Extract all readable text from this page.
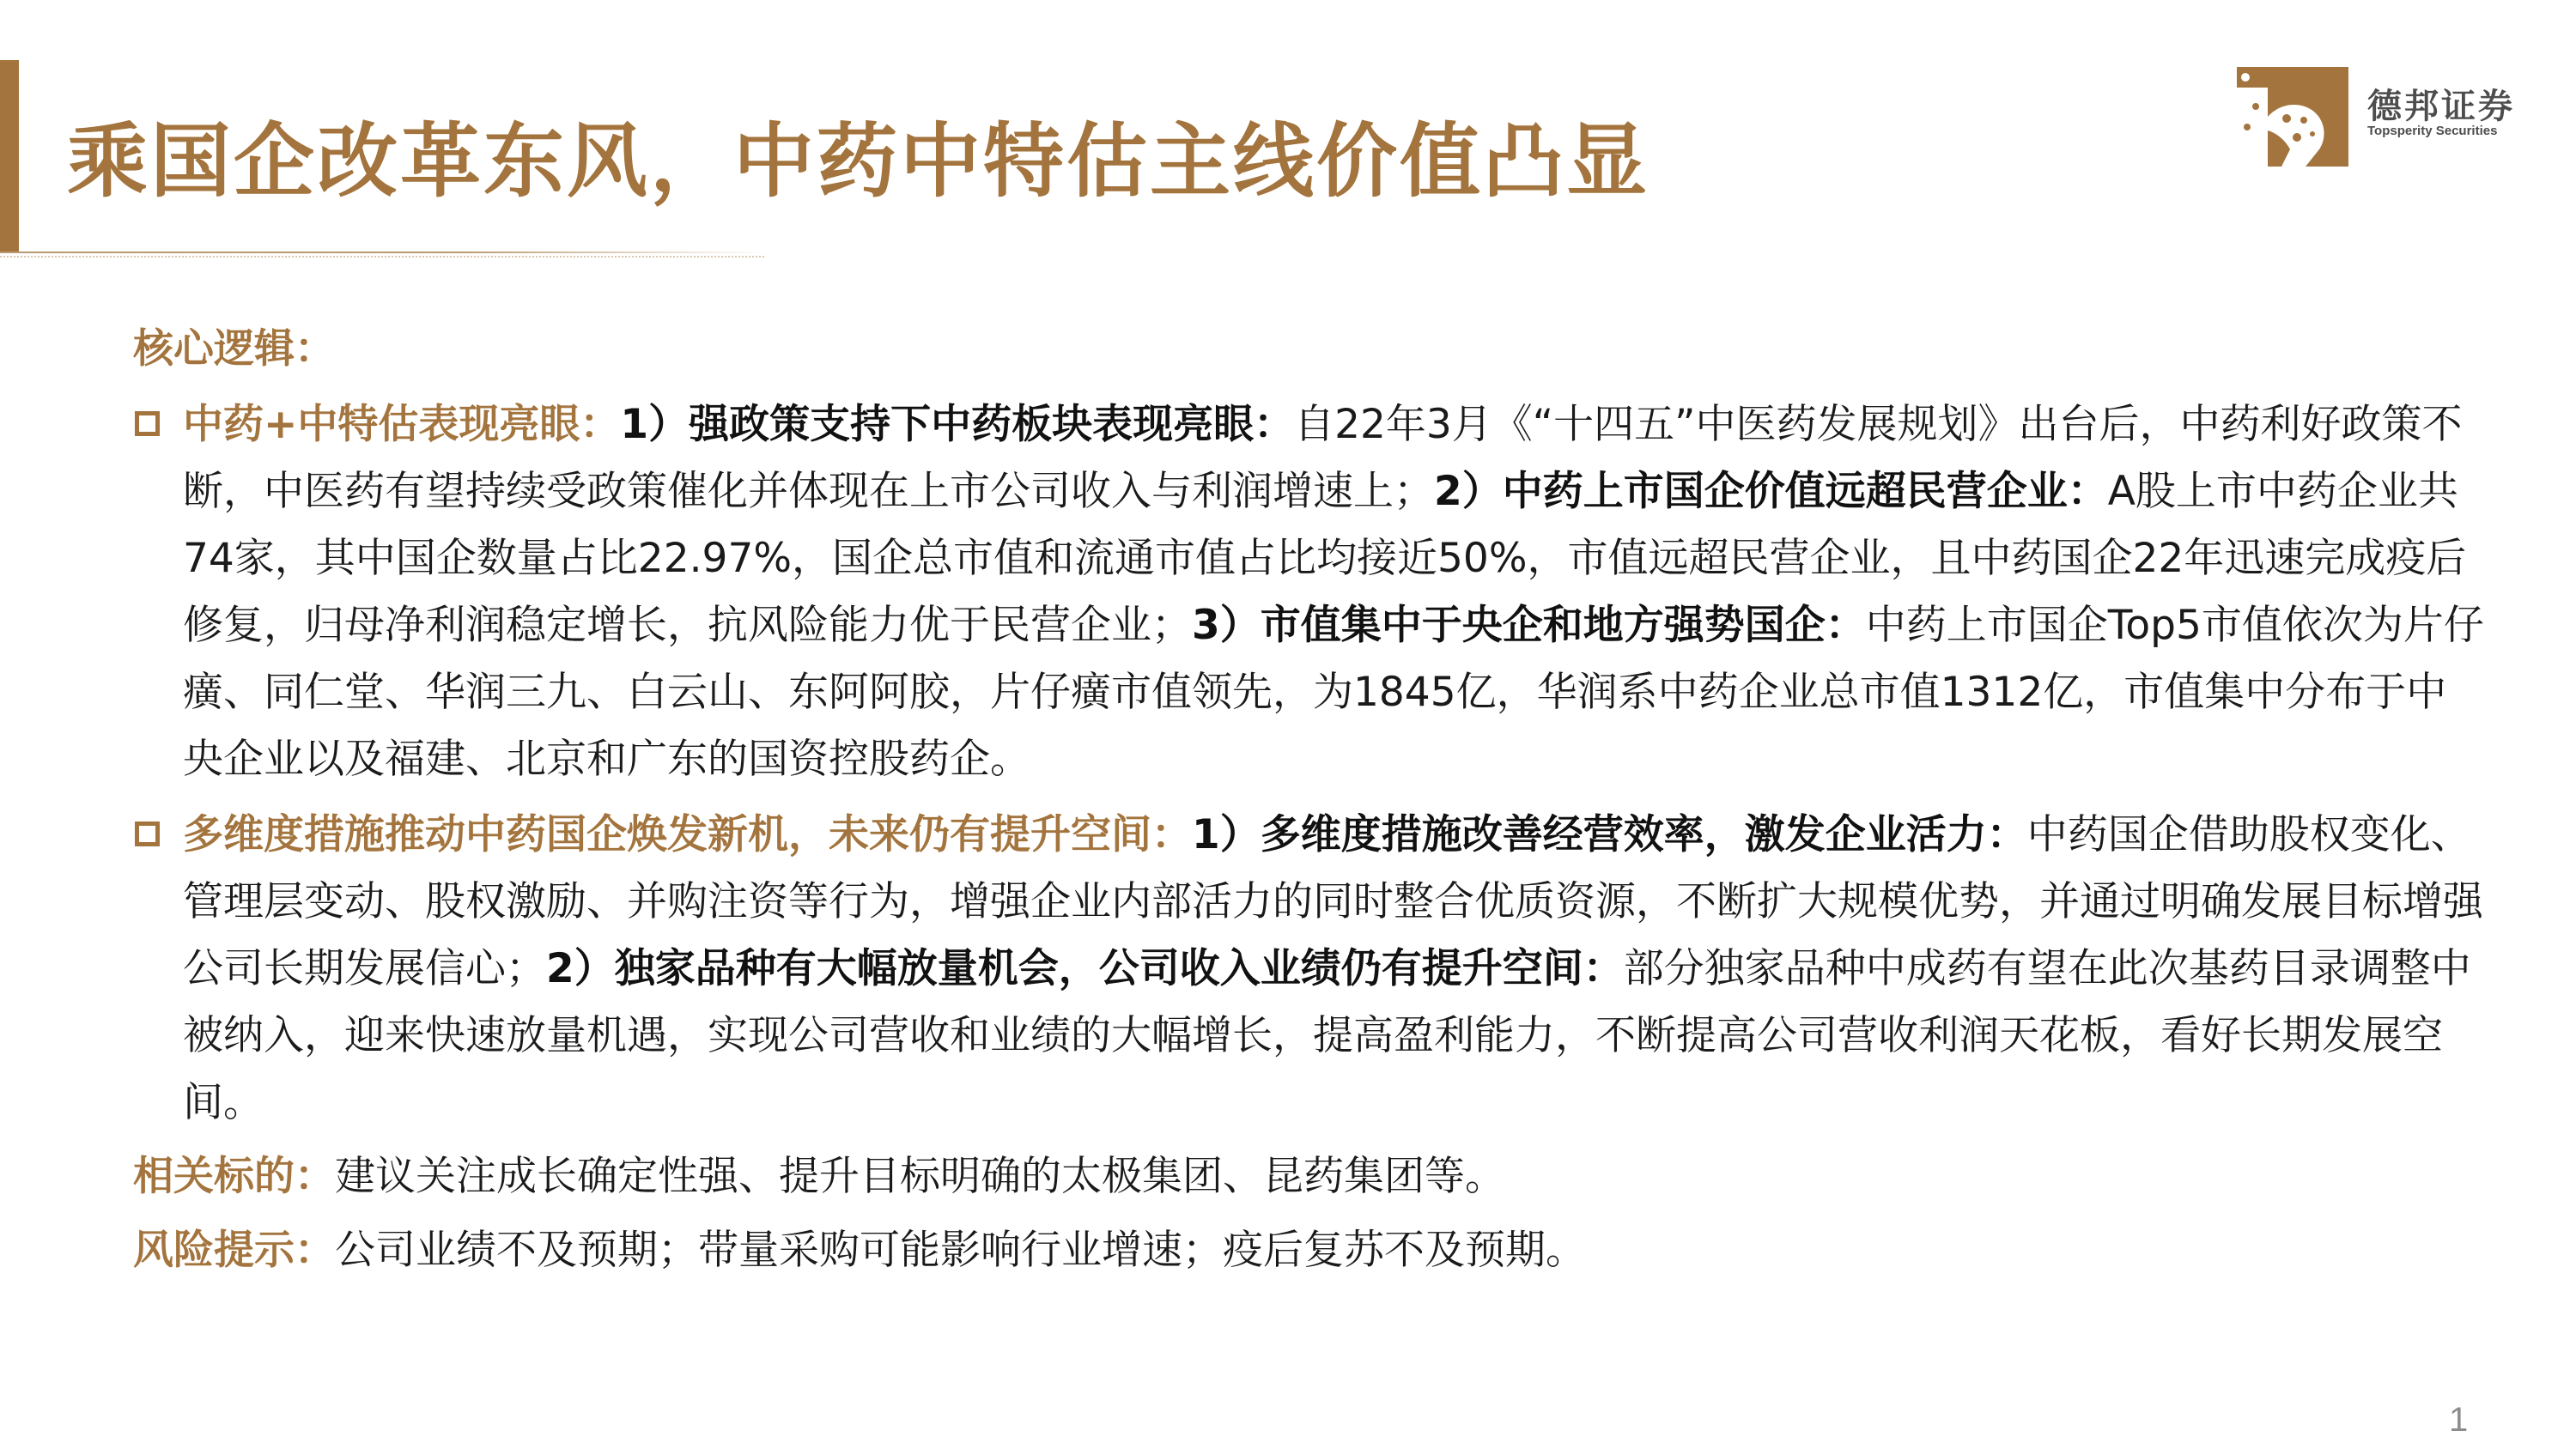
乘国企改革东风，中药中特估主线价值凸显
德邦证券
Topsperity Securities
核心逻辑：
中药+中特估表现亮眼：1）强政策支持下中药板块表现亮眼：自22年3月《“十四五”中医药发展规划》出台后，中药利好政策不断，中医药有望持续受政策催化并体现在上市公司收入与利润增速上；2）中药上市国企价值远超民营企业：A股上市中药企业共74家，其中国企数量占比22.97%，国企总市值和流通市值占比均接近50%，市值远超民营企业，且中药国企22年迅速完成疫后修复，归母净利润稳定增长，抗风险能力优于民营企业；3）市值集中于央企和地方强势国企：中药上市国企Top5市值依次为片仔癀、同仁堂、华润三九、白云山、东阿阿胶，片仔癀市值领先，为1845亿，华润系中药企业总市值1312亿，市值集中分布于中央企业以及福建、北京和广东的国资控股药企。
多维度措施推动中药国企焕发新机，未来仍有提升空间：1）多维度措施改善经营效率，激发企业活力：中药国企借助股权变化、管理层变动、股权激励、并购注资等行为，增强企业内部活力的同时整合优质资源，不断扩大规模优势，并通过明确发展目标增强公司长期发展信心；2）独家品种有大幅放量机会，公司收入业绩仍有提升空间：部分独家品种中成药有望在此次基药目录调整中被纳入，迎来快速放量机遇，实现公司营收和业绩的大幅增长，提高盈利能力，不断提高公司营收利润天花板，看好长期发展空间。
相关标的：建议关注成长确定性强、提升目标明确的太极集团、昆药集团等。
风险提示：公司业绩不及预期；带量采购可能影响行业增速；疫后复苏不及预期。
1
